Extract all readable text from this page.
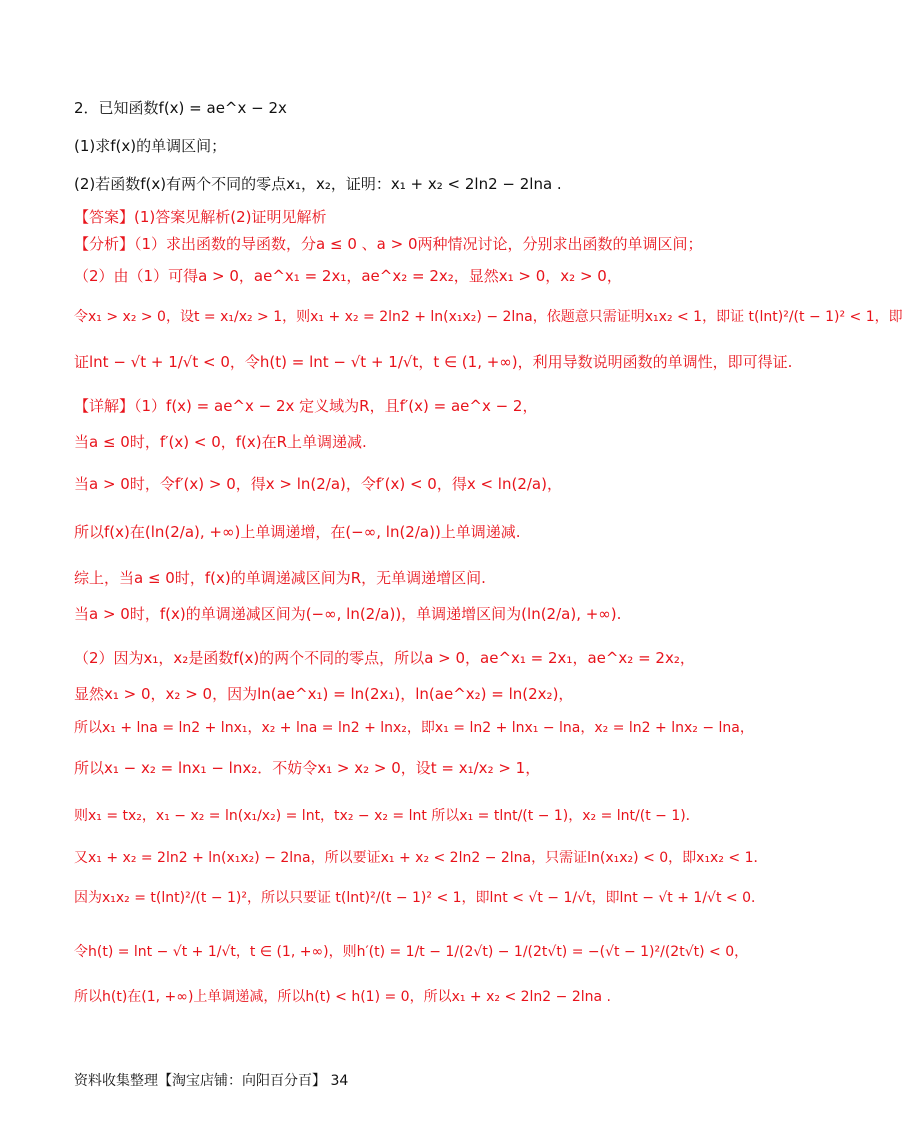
2．已知函数f(x) = ae^x − 2x
(1)求f(x)的单调区间；
(2)若函数f(x)有两个不同的零点x₁，x₂，证明：x₁ + x₂ < 2ln2 − 2lna .
【答案】(1)答案见解析(2)证明见解析
【分析】（1）求出函数的导函数，分a ≤ 0 、a > 0两种情况讨论，分别求出函数的单调区间；
（2）由（1）可得a > 0，ae^x₁ = 2x₁，ae^x₂ = 2x₂，显然x₁ > 0，x₂ > 0，
令x₁ > x₂ > 0，设t = x₁/x₂ > 1，则x₁ + x₂ = 2ln2 + ln(x₁x₂) − 2lna，依题意只需证明x₁x₂ < 1，即证 t(lnt)²/(t − 1)² < 1，即
证lnt − √t + 1/√t < 0，令h(t) = lnt − √t + 1/√t，t ∈ (1, +∞)，利用导数说明函数的单调性，即可得证.
【详解】（1）f(x) = ae^x − 2x 定义域为R，且f′(x) = ae^x − 2，
当a ≤ 0时，f′(x) < 0，f(x)在R上单调递减.
当a > 0时，令f′(x) > 0，得x > ln(2/a)，令f′(x) < 0，得x < ln(2/a)，
所以f(x)在(ln(2/a), +∞)上单调递增，在(−∞, ln(2/a))上单调递减.
综上，当a ≤ 0时，f(x)的单调递减区间为R，无单调递增区间.
当a > 0时，f(x)的单调递减区间为(−∞, ln(2/a))，单调递增区间为(ln(2/a), +∞).
（2）因为x₁，x₂是函数f(x)的两个不同的零点，所以a > 0，ae^x₁ = 2x₁，ae^x₂ = 2x₂，
显然x₁ > 0，x₂ > 0，因为ln(ae^x₁) = ln(2x₁)，ln(ae^x₂) = ln(2x₂)，
所以x₁ + lna = ln2 + lnx₁，x₂ + lna = ln2 + lnx₂，即x₁ = ln2 + lnx₁ − lna，x₂ = ln2 + lnx₂ − lna，
所以x₁ − x₂ = lnx₁ − lnx₂．不妨令x₁ > x₂ > 0，设t = x₁/x₂ > 1，
则x₁ = tx₂，x₁ − x₂ = ln(x₁/x₂) = lnt，tx₂ − x₂ = lnt 所以x₁ = tlnt/(t − 1)，x₂ = lnt/(t − 1)．
又x₁ + x₂ = 2ln2 + ln(x₁x₂) − 2lna，所以要证x₁ + x₂ < 2ln2 − 2lna，只需证ln(x₁x₂) < 0，即x₁x₂ < 1．
因为x₁x₂ = t(lnt)²/(t − 1)²，所以只要证 t(lnt)²/(t − 1)² < 1，即lnt < √t − 1/√t，即lnt − √t + 1/√t < 0．
令h(t) = lnt − √t + 1/√t，t ∈ (1, +∞)，则h′(t) = 1/t − 1/(2√t) − 1/(2t√t) = −(√t − 1)²/(2t√t) < 0，
所以h(t)在(1, +∞)上单调递减，所以h(t) < h(1) = 0，所以x₁ + x₂ < 2ln2 − 2lna .
资料收集整理【淘宝店铺：向阳百分百】 34
